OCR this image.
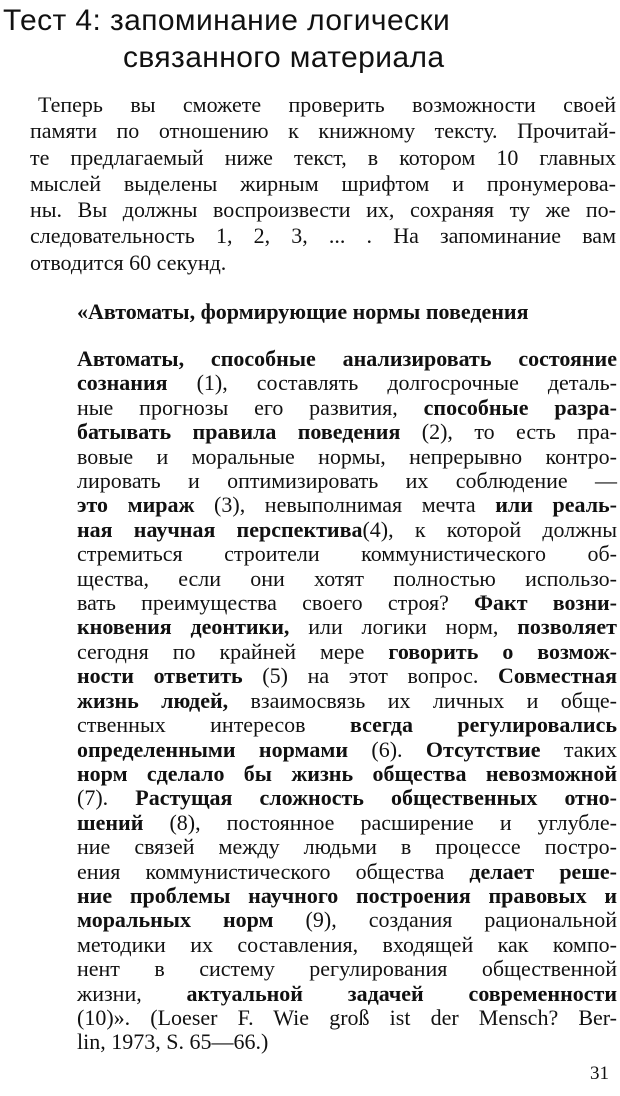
Тест 4: запоминание логически
связанного материала
Теперь вы сможете проверить возможности своей
памяти по отношению к книжному тексту. Прочитай-
те предлагаемый ниже текст, в котором 10 главных
мыслей выделены жирным шрифтом и пронумерова-
ны. Вы должны воспроизвести их, сохраняя ту же по-
следовательность 1, 2, 3, ... . На запоминание вам
отводится 60 секунд.
«Автоматы, формирующие нормы поведения
Автоматы, способные анализировать состояние
сознания (1), составлять долгосрочные деталь-
ные прогнозы его развития, способные разра-
батывать правила поведения (2), то есть пра-
вовые и моральные нормы, непрерывно контро-
лировать и оптимизировать их соблюдение —
это мираж (3), невыполнимая мечта или реаль-
ная научная перспектива(4), к которой должны
стремиться строители коммунистического об-
щества, если они хотят полностью использо-
вать преимущества своего строя? Факт возни-
кновения деонтики, или логики норм, позволяет
сегодня по крайней мере говорить о возмож-
ности ответить (5) на этот вопрос. Совместная
жизнь людей, взаимосвязь их личных и обще-
ственных интересов всегда регулировались
определенными нормами (6). Отсутствие таких
норм сделало бы жизнь общества невозможной
(7). Растущая сложность общественных отно-
шений (8), постоянное расширение и углубле-
ние связей между людьми в процессе постро-
ения коммунистического общества делает реше-
ние проблемы научного построения правовых и
моральных норм (9), создания рациональной
методики их составления, входящей как компо-
нент в систему регулирования общественной
жизни, актуальной задачей современности
(10)». (Loeser F. Wie groß ist der Mensch? Ber-
lin, 1973, S. 65—66.)
31
